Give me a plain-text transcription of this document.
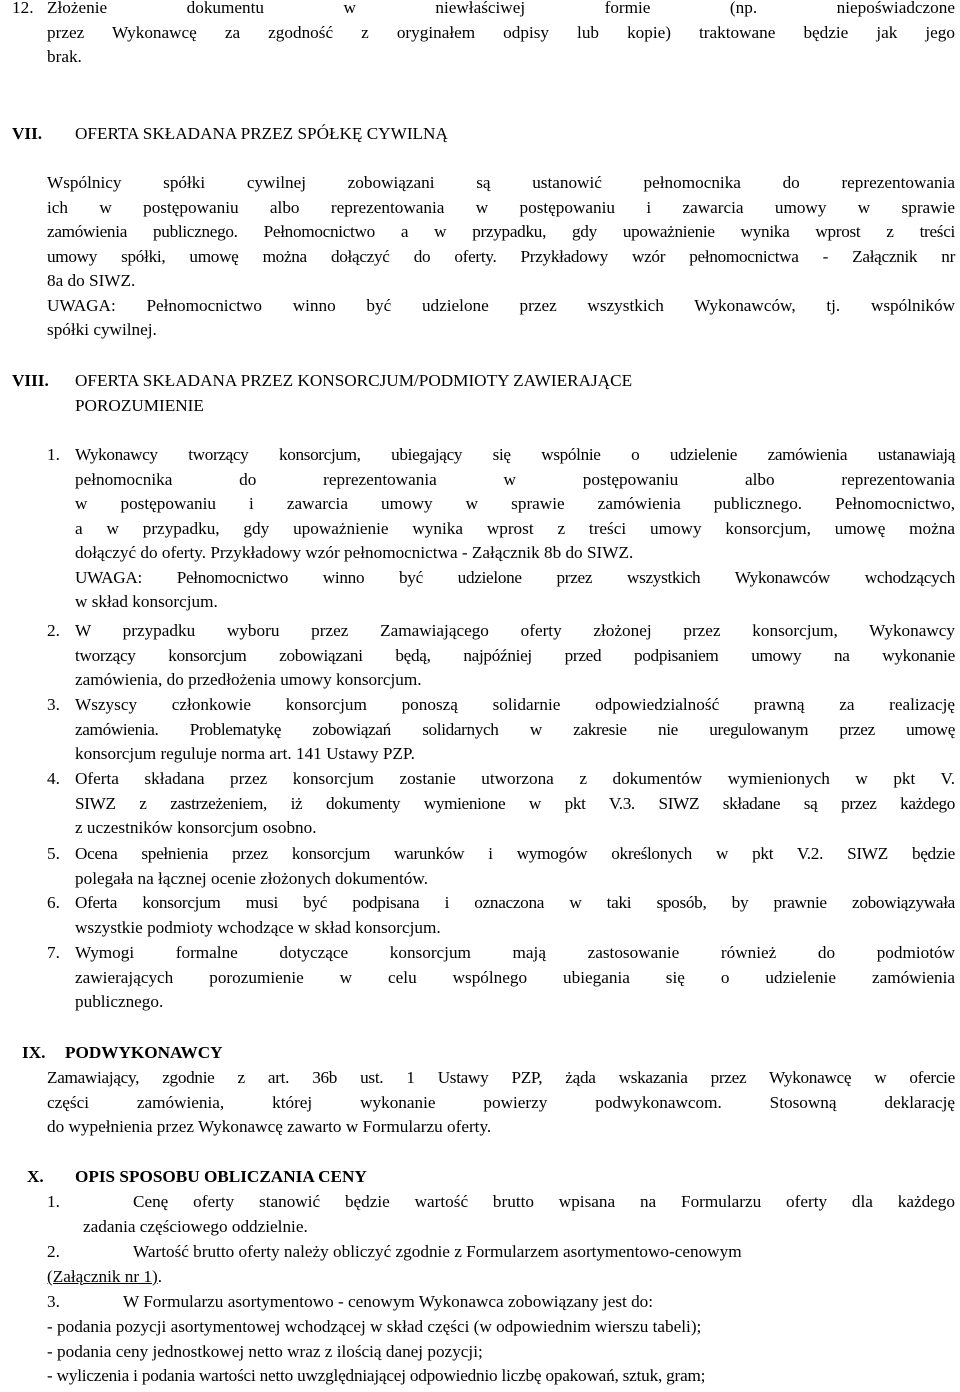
12. Złożenie dokumentu w niewłaściwej formie (np. niepoświadczone
przez Wykonawcę za zgodność z oryginałem odpisy lub kopie) traktowane będzie jak jego
brak.
VII. OFERTA SKŁADANA PRZEZ SPÓŁKĘ CYWILNĄ
Wspólnicy spółki cywilnej zobowiązani są ustanowić pełnomocnika do reprezentowania
ich w postępowaniu albo reprezentowania w postępowaniu i zawarcia umowy w sprawie
zamówienia publicznego. Pełnomocnictwo a w przypadku, gdy upoważnienie wynika wprost z treści
umowy spółki, umowę można dołączyć do oferty. Przykładowy wzór pełnomocnictwa - Załącznik nr
8a do SIWZ.
UWAGA: Pełnomocnictwo winno być udzielone przez wszystkich Wykonawców, tj. wspólników
spółki cywilnej.
VIII. OFERTA SKŁADANA PRZEZ KONSORCJUM/PODMIOTY ZAWIERAJĄCE
POROZUMIENIE
1. Wykonawcy tworzący konsorcjum, ubiegający się wspólnie o udzielenie zamówienia ustanawiają
pełnomocnika do reprezentowania w postępowaniu albo reprezentowania
w postępowaniu i zawarcia umowy w sprawie zamówienia publicznego. Pełnomocnictwo,
a w przypadku, gdy upoważnienie wynika wprost z treści umowy konsorcjum, umowę można
dołączyć do oferty. Przykładowy wzór pełnomocnictwa - Załącznik 8b do SIWZ.
UWAGA: Pełnomocnictwo winno być udzielone przez wszystkich Wykonawców wchodzących
w skład konsorcjum.
2. W przypadku wyboru przez Zamawiającego oferty złożonej przez konsorcjum, Wykonawcy
tworzący konsorcjum zobowiązani będą, najpóźniej przed podpisaniem umowy na wykonanie
zamówienia, do przedłożenia umowy konsorcjum.
3. Wszyscy członkowie konsorcjum ponoszą solidarnie odpowiedzialność prawną za realizację
zamówienia. Problematykę zobowiązań solidarnych w zakresie nie uregulowanym przez umowę
konsorcjum reguluje norma art. 141 Ustawy PZP.
4. Oferta składana przez konsorcjum zostanie utworzona z dokumentów wymienionych w pkt V.
SIWZ z zastrzeżeniem, iż dokumenty wymienione w pkt V.3. SIWZ składane są przez każdego
z uczestników konsorcjum osobno.
5. Ocena spełnienia przez konsorcjum warunków i wymogów określonych w pkt V.2. SIWZ będzie
polegała na łącznej ocenie złożonych dokumentów.
6. Oferta konsorcjum musi być podpisana i oznaczona w taki sposób, by prawnie zobowiązywała
wszystkie podmioty wchodzące w skład konsorcjum.
7. Wymogi formalne dotyczące konsorcjum mają zastosowanie również do podmiotów
zawierających porozumienie w celu wspólnego ubiegania się o udzielenie zamówienia
publicznego.
IX. PODWYKONAWCY
Zamawiający, zgodnie z art. 36b ust. 1 Ustawy PZP, żąda wskazania przez Wykonawcę w ofercie
części zamówienia, której wykonanie powierzy podwykonawcom. Stosowną deklarację
do wypełnienia przez Wykonawcę zawarto w Formularzu oferty.
X. OPIS SPOSOBU OBLICZANIA CENY
1.	Cenę oferty stanowić będzie wartość brutto wpisana na Formularzu oferty dla każdego
zadania częściowego oddzielnie.
2.	Wartość brutto oferty należy obliczyć zgodnie z Formularzem asortymentowo-cenowym
(Załącznik nr 1).
3.	W Formularzu asortymentowo - cenowym Wykonawca zobowiązany jest do:
- podania pozycji asortymentowej wchodzącej w skład części (w odpowiednim wierszu tabeli);
- podania ceny jednostkowej netto wraz z ilością danej pozycji;
- wyliczenia i podania wartości netto uwzględniającej odpowiednio liczbę opakowań, sztuk, gram;
